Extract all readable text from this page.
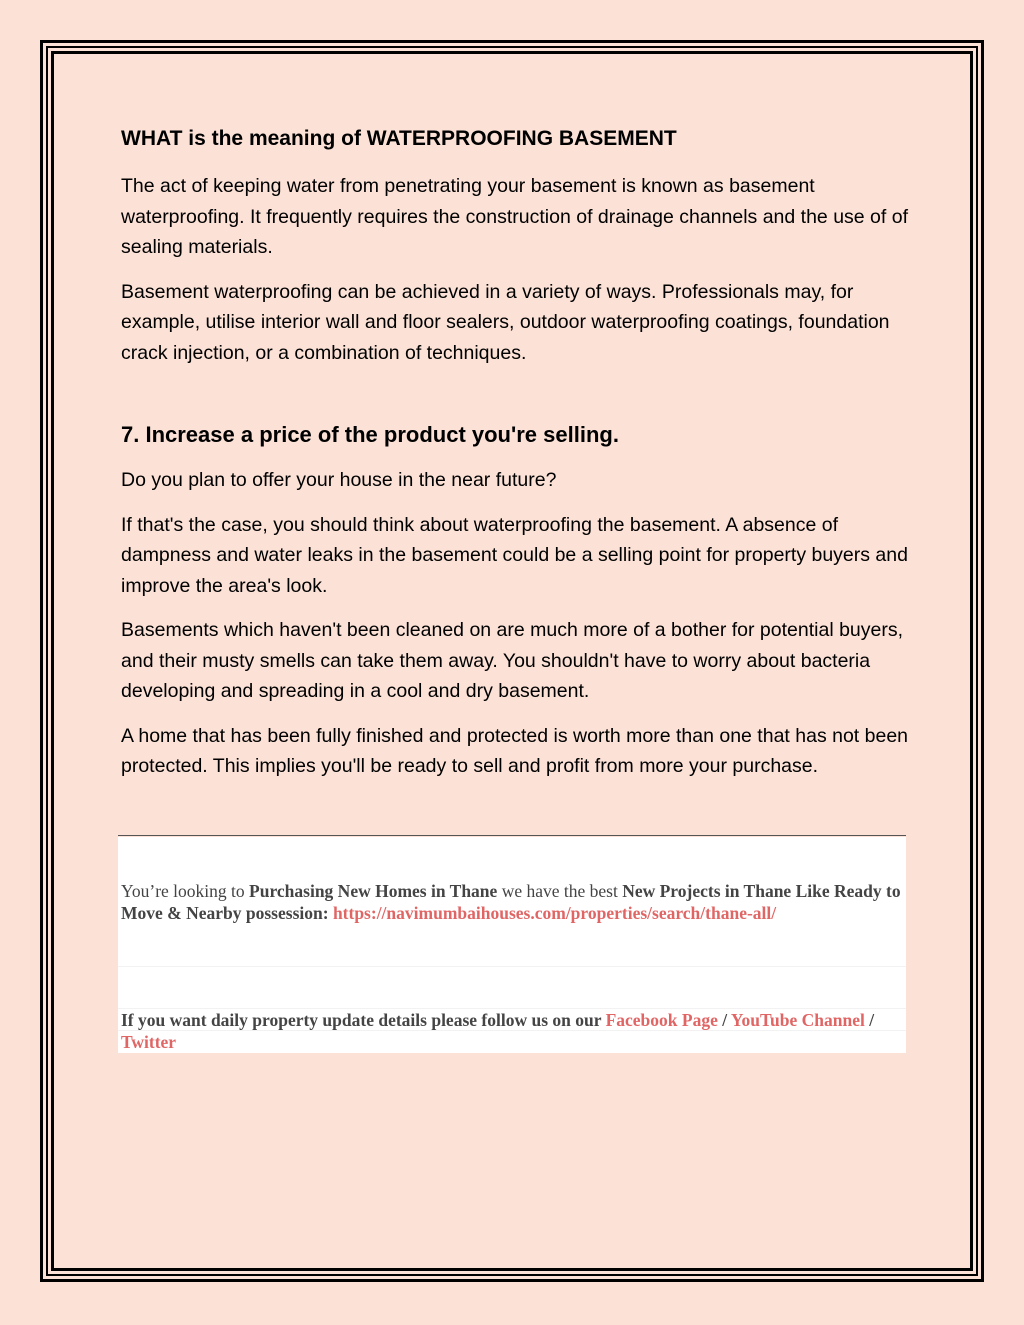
WHAT is the meaning of WATERPROOFING BASEMENT

The act of keeping water from penetrating your basement is known as basement waterproofing. It frequently requires the construction of drainage channels and the use of of sealing materials.

Basement waterproofing can be achieved in a variety of ways. Professionals may, for example, utilise interior wall and floor sealers, outdoor waterproofing coatings, foundation crack injection, or a combination of techniques.

7. Increase a price of the product you're selling.

Do you plan to offer your house in the near future?

If that's the case, you should think about waterproofing the basement. A absence of dampness and water leaks in the basement could be a selling point for property buyers and improve the area's look.

Basements which haven't been cleaned on are much more of a bother for potential buyers, and their musty smells can take them away. You shouldn't have to worry about bacteria developing and spreading in a cool and dry basement.

A home that has been fully finished and protected is worth more than one that has not been protected. This implies you'll be ready to sell and profit from more your purchase.

You’re looking to Purchasing New Homes in Thane we have the best New Projects in Thane Like Ready to Move & Nearby possession: https://navimumbaihouses.com/properties/search/thane-all/

If you want daily property update details please follow us on our Facebook Page / YouTube Channel / Twitter
